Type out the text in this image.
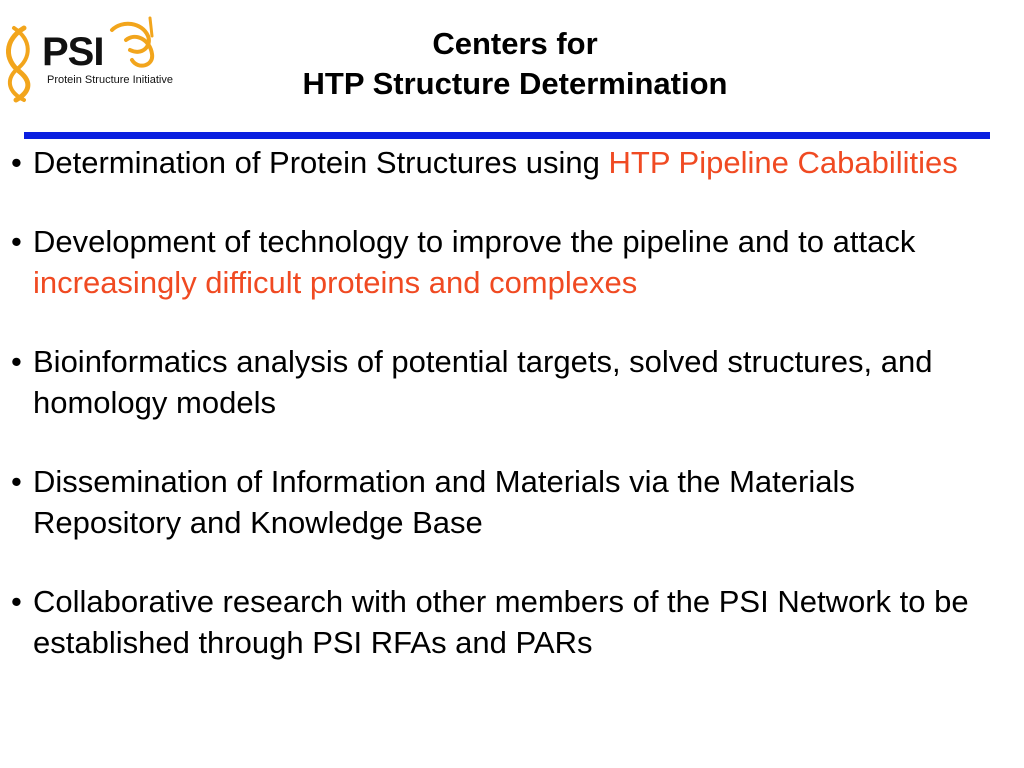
PSI
Protein Structure Initiative
Centers for
HTP Structure Determination
• Determination of Protein Structures using HTP Pipeline Cababilities
• Development of technology to improve the pipeline and to attack increasingly difficult proteins and complexes
• Bioinformatics analysis of potential targets, solved structures, and homology models
• Dissemination of Information and Materials via the Materials Repository and Knowledge Base
• Collaborative research with other members of the PSI Network to be established through PSI RFAs and PARs
